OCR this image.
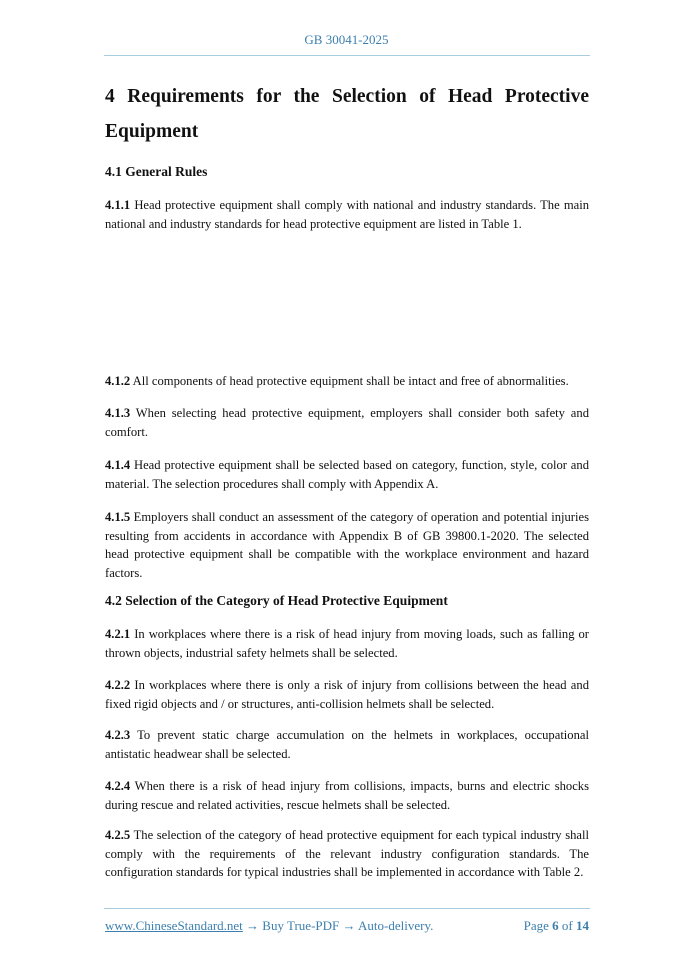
GB 30041-2025
4 Requirements for the Selection of Head Protective
Equipment
4.1 General Rules
4.1.1 Head protective equipment shall comply with national and industry standards. The main national and industry standards for head protective equipment are listed in Table 1.
4.1.2 All components of head protective equipment shall be intact and free of abnormalities.
4.1.3 When selecting head protective equipment, employers shall consider both safety and comfort.
4.1.4 Head protective equipment shall be selected based on category, function, style, color and material. The selection procedures shall comply with Appendix A.
4.1.5 Employers shall conduct an assessment of the category of operation and potential injuries resulting from accidents in accordance with Appendix B of GB 39800.1-2020. The selected head protective equipment shall be compatible with the workplace environment and hazard factors.
4.2 Selection of the Category of Head Protective Equipment
4.2.1 In workplaces where there is a risk of head injury from moving loads, such as falling or thrown objects, industrial safety helmets shall be selected.
4.2.2 In workplaces where there is only a risk of injury from collisions between the head and fixed rigid objects and / or structures, anti-collision helmets shall be selected.
4.2.3 To prevent static charge accumulation on the helmets in workplaces, occupational antistatic headwear shall be selected.
4.2.4 When there is a risk of head injury from collisions, impacts, burns and electric shocks during rescue and related activities, rescue helmets shall be selected.
4.2.5 The selection of the category of head protective equipment for each typical industry shall comply with the requirements of the relevant industry configuration standards. The configuration standards for typical industries shall be implemented in accordance with Table 2.
www.ChineseStandard.net → Buy True-PDF → Auto-delivery.	Page 6 of 14
